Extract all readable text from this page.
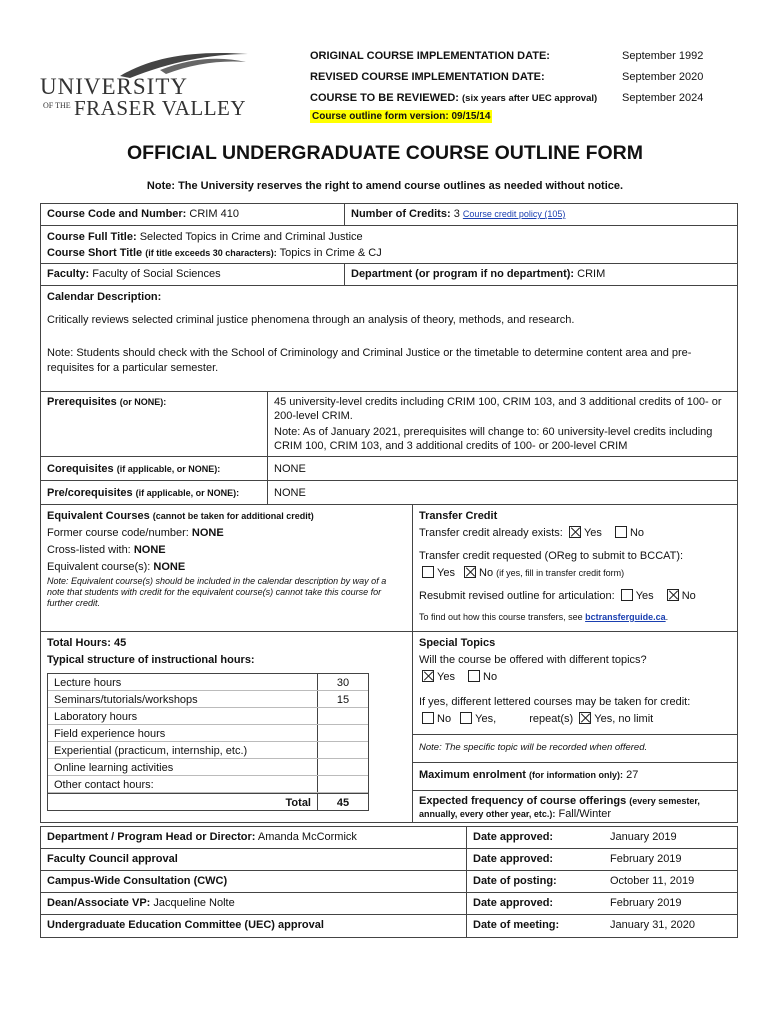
UNIVERSITY
OF THE FRASER VALLEY
ORIGINAL COURSE IMPLEMENTATION DATE:	September 1992
REVISED COURSE IMPLEMENTATION DATE:	September 2020
COURSE TO BE REVIEWED: (six years after UEC approval) September 2024
Course outline form version: 09/15/14
OFFICIAL UNDERGRADUATE COURSE OUTLINE FORM
Note: The University reserves the right to amend course outlines as needed without notice.
Course Code and Number: CRIM 410	Number of Credits: 3 Course credit policy (105)
Course Full Title: Selected Topics in Crime and Criminal Justice
Course Short Title (if title exceeds 30 characters): Topics in Crime & CJ
Faculty: Faculty of Social Sciences	Department (or program if no department): CRIM
Calendar Description:
Critically reviews selected criminal justice phenomena through an analysis of theory, methods, and research.
Note: Students should check with the School of Criminology and Criminal Justice or the timetable to determine content area and pre-requisites for a particular semester.
Prerequisites (or NONE):	45 university-level credits including CRIM 100, CRIM 103, and 3 additional credits of 100- or 200-level CRIM.
Note: As of January 2021, prerequisites will change to: 60 university-level credits including CRIM 100, CRIM 103, and 3 additional credits of 100- or 200-level CRIM
Corequisites (if applicable, or NONE):	NONE
Pre/corequisites (if applicable, or NONE):	NONE
Equivalent Courses (cannot be taken for additional credit)
Former course code/number: NONE
Cross-listed with: NONE
Equivalent course(s): NONE
Note: Equivalent course(s) should be included in the calendar description by way of a note that students with credit for the equivalent course(s) cannot take this course for further credit.
Transfer Credit
Transfer credit already exists: Yes	No
Transfer credit requested (OReg to submit to BCCAT):
Yes No (if yes, fill in transfer credit form)
Resubmit revised outline for articulation: Yes	No
To find out how this course transfers, see bctransferguide.ca.
Total Hours: 45
Typical structure of instructional hours:
Lecture hours	30
Seminars/tutorials/workshops	15
Laboratory hours
Field experience hours
Experiential (practicum, internship, etc.)
Online learning activities
Other contact hours:
Total	45
Special Topics
Will the course be offered with different topics?
Yes	No
If yes, different lettered courses may be taken for credit:
No Yes,	repeat(s) Yes, no limit
Note: The specific topic will be recorded when offered.
Maximum enrolment (for information only): 27
Expected frequency of course offerings (every semester, annually, every other year, etc.): Fall/Winter
Department / Program Head or Director: Amanda McCormick	Date approved:	January 2019
Faculty Council approval	Date approved:	February 2019
Campus-Wide Consultation (CWC)	Date of posting:	October 11, 2019
Dean/Associate VP: Jacqueline Nolte	Date approved:	February 2019
Undergraduate Education Committee (UEC) approval	Date of meeting:	January 31, 2020
